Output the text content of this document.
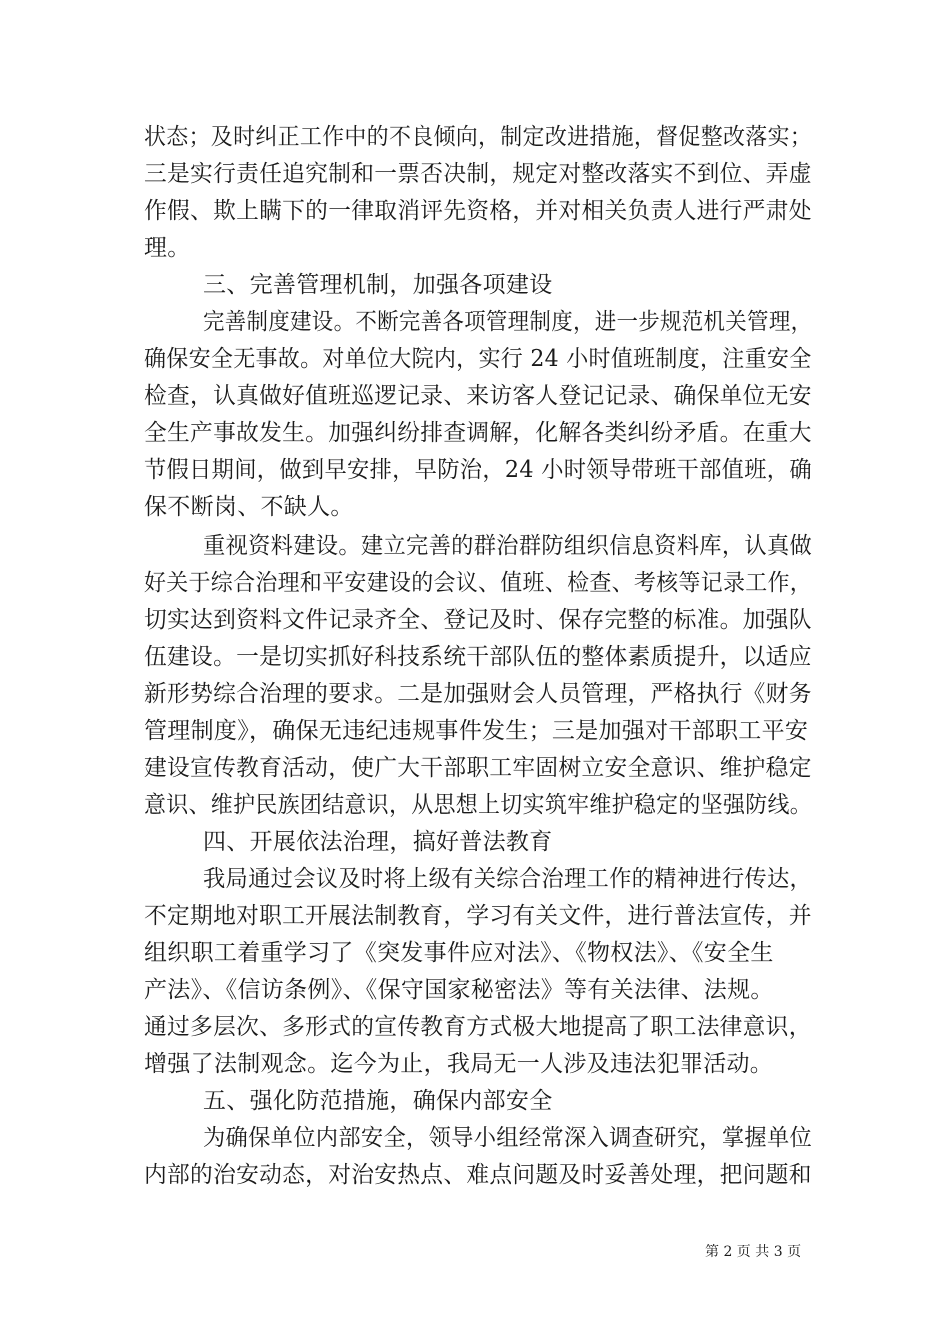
状态；及时纠正工作中的不良倾向，制定改进措施，督促整改落实；
三是实行责任追究制和一票否决制，规定对整改落实不到位、弄虚
作假、欺上瞒下的一律取消评先资格，并对相关负责人进行严肃处
理。
三、完善管理机制，加强各项建设
完善制度建设。不断完善各项管理制度，进一步规范机关管理，
确保安全无事故。对单位大院内，实行 24 小时值班制度，注重安全
检查，认真做好值班巡逻记录、来访客人登记记录、确保单位无安
全生产事故发生。加强纠纷排查调解，化解各类纠纷矛盾。在重大
节假日期间，做到早安排，早防治，24 小时领导带班干部值班，确
保不断岗、不缺人。
重视资料建设。建立完善的群治群防组织信息资料库，认真做
好关于综合治理和平安建设的会议、值班、检查、考核等记录工作，
切实达到资料文件记录齐全、登记及时、保存完整的标准。加强队
伍建设。一是切实抓好科技系统干部队伍的整体素质提升，以适应
新形势综合治理的要求。二是加强财会人员管理，严格执行《财务
管理制度》，确保无违纪违规事件发生；三是加强对干部职工平安
建设宣传教育活动，使广大干部职工牢固树立安全意识、维护稳定
意识、维护民族团结意识，从思想上切实筑牢维护稳定的坚强防线。
四、开展依法治理，搞好普法教育
我局通过会议及时将上级有关综合治理工作的精神进行传达，
不定期地对职工开展法制教育，学习有关文件，进行普法宣传，并
组织职工着重学习了《突发事件应对法》、《物权法》、《安全生
产法》、《信访条例》、《保守国家秘密法》等有关法律、法规。
通过多层次、多形式的宣传教育方式极大地提高了职工法律意识，
增强了法制观念。迄今为止，我局无一人涉及违法犯罪活动。
五、强化防范措施，确保内部安全
为确保单位内部安全，领导小组经常深入调查研究，掌握单位
内部的治安动态，对治安热点、难点问题及时妥善处理，把问题和
第 2 页 共 3 页
